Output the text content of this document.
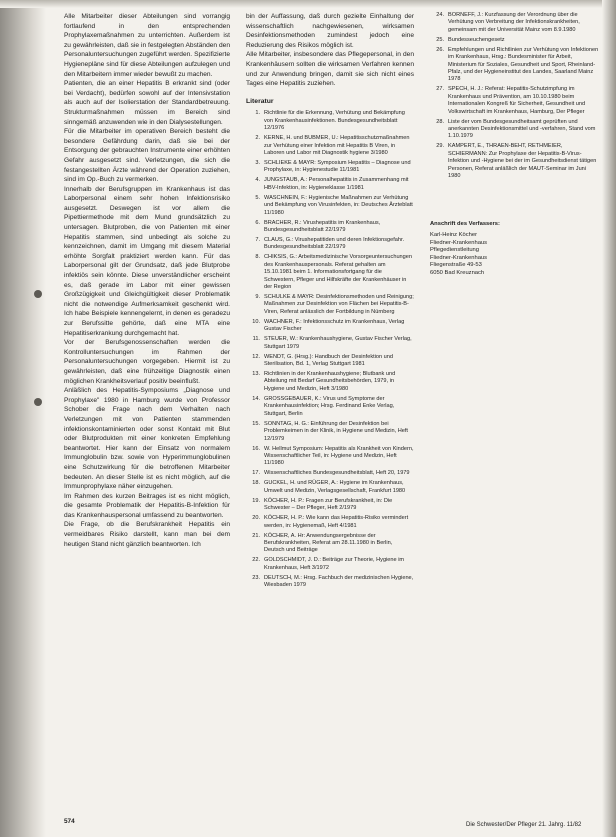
Alle Mitarbeiter dieser Abteilungen sind vorrangig fortlaufend in den entsprechenden Prophylaxemaßnahmen zu unterrichten. Außerdem ist zu gewährleisten, daß sie in festgelegten Abständen den Personaluntersuchungen zugeführt werden. Spezifizierte Hygienepläne sind für diese Abteilungen aufzulegen und den Mitarbeitern immer wieder bewußt zu machen.

Patienten, die an einer Hepatitis B erkrankt sind (oder bei Verdacht), bedürfen sowohl auf der Intensivstation als auch auf der Isolierstation der Standardbetreuung. Strukturmaßnahmen müssen im Bereich sind sinngemäß anzuwenden wie in den Dialysestellungen.

Für die Mitarbeiter im operativen Bereich besteht die besondere Gefährdung darin, daß sie bei der Entsorgung der gebrauchten Instrumente einer erhöhten Gefahr ausgesetzt sind. Verletzungen, die sich die festangestellten Ärzte während der Operation zuziehen, sind im Op.-Buch zu vermerken.

Innerhalb der Berufsgruppen im Krankenhaus ist das Laborpersonal einem sehr hohen Infektionsrisiko ausgesetzt. Deswegen ist vor allem die Pipettiermethode mit dem Mund grundsätzlich zu untersagen. Blutproben, die von Patienten mit einer Hepatitis stammen, sind unbedingt als solche zu kennzeichnen, damit im Umgang mit diesem Material erhöhte Sorgfalt praktiziert werden kann. Für das Laborpersonal gilt der Grundsatz, daß jede Blutprobe infektiös sein könnte. Diese unverständlicher erscheint es, daß gerade im Labor mit einer gewissen Großzügigkeit und Gleichgültigkeit dieser Problematik nicht die notwendige Aufmerksamkeit geschenkt wird. Ich habe Beispiele kennengelernt, in denen es geradezu zur Berufssitte gehörte, daß eine MTA eine Hepatitiserkrankung durchgemacht hat.

Vor der Berufsgenossenschaften werden die Kontrolluntersuchungen im Rahmen der Personaluntersuchungen vorgegeben. Hiermit ist zu gewährleisten, daß eine frühzeitige Diagnostik einen möglichen Krankheitsverlauf positiv beeinflußt.

Anläßlich des Hepatitis-Symposiums „Diagnose und Prophylaxe" 1980 in Hamburg wurde von Professor Schober die Frage nach dem Verhalten nach Verletzungen mit von Patienten stammenden infektionskontaminierten oder sonst Kontakt mit Blut oder Blutprodukten mit einer konkreten Empfehlung beantwortet. Hier kann der Einsatz von normalem Immunglobulin bzw. sowie von Hyperimmunglobulinen eine Schutzwirkung für die betroffenen Mitarbeiter bedeuten. An dieser Stelle ist es nicht möglich, auf die Immunprophylaxe näher einzugehen.

Im Rahmen des kurzen Beitrages ist es nicht möglich, die gesamte Problematik der Hepatitis-B-Infektion für das Krankenhauspersonal umfassend zu beantworten.

Die Frage, ob die Berufskrankheit Hepatitis ein vermeidbares Risiko darstellt, kann man bei dem heutigen Stand nicht gänzlich beantworten. Ich

bin der Auffassung, daß durch gezielte Einhaltung der wissenschaftlich nachgewiesenen, wirksamen Desinfektionsmethoden zumindest jedoch eine Reduzierung des Risikos möglich ist.

Alle Mitarbeiter, insbesondere das Pflegepersonal, in den Krankenhäusern sollten die wirksamen Verfahren kennen und zur Anwendung bringen, damit sie sich nicht eines Tages eine Hepatitis zuziehen.

Literatur
1. Richtlinie für die Erkennung, Verhütung und Bekämpfung von Krankenhausinfektionen. Bundesgesundheitsblatt 12/1976
2. KERNE, H. und BUBMER, U.: Hepatitisschutzmaßnahmen zur Verhütung einer Infektion mit Hepatitis B Viren, in Laboren und Labor mit Diagnostik hygiene 3/1980
3. SCHLIEKE & MAYR: Symposium Hepatitis – Diagnose und Prophylaxe, in: Hygienestudie 11/1981
4. JUNGSTAUB, A.: Personalhepatitis in Zusammenhang mit HBV-Infektion, in: Hygieneklasse 1/1981
5. WASCHNEIN, F.: Hygienische Maßnahmen zur Verhütung und Bekämpfung von Virusinfekten, in: Deutsches Ärzteblatt 11/1980
6. BRACHER, R.: Virushepatitis im Krankenhaus, Bundesgesundheitsblatt 22/1979
7. CLAUS, G.: Virushepatitiden und deren Infektionsgefahr. Bundesgesundheitsblatt 22/1979
8. CHIKSIS, G.: Arbeitsmedizinische Vorsorgeuntersuchungen des Krankenhauspersonals. Referat gehalten am 15.10.1981 beim 1. Informationsfortgang für die Schwestern, Pfleger und Hilfskräfte der Krankenhäuser in der Region
9. SCHULKE & MAYR: Desinfektionsmethoden und Reinigung; Maßnahmen zur Desinfektion von Flächen bei Hepatitis-B-Viren, Referat anlässlich der Fortbildung in Nürnberg
10. WACHNER, F.: Infektionsschutz im Krankenhaus, Verlag Gustav Fischer
11. STEUER, W.: Krankenhaushygiene, Gustav Fischer Verlag, Stuttgart 1979
12. WENDT, G. (Hrsg.): Handbuch der Desinfektion und Sterilisation, Bd. 1, Verlag Stuttgart 1981
13. Richtlinien in der Krankenhaushygiene; Blutbank und Abteilung mit Bedarf Gesundheitsbehörden, 1979, in Hygiene und Medizin, Heft 3/1980
14. GROSSGEBAUER, K.: Virus und Symptome der Krankenhausinfektion; Hrsg. Ferdinand Enke Verlag, Stuttgart, Berlin
15. SONNTAG, H. G.: Einführung der Desinfektion bei Problemkeimen in der Klinik, in Hygiene und Medizin, Heft 12/1979
16. W. Hellmut Symposium: Hepatitis als Krankheit von Kindern, Wissenschaftlicher Teil, in: Hygiene und Medizin, Heft 11/1980
17. Wissenschaftliches Bundesgesundheitsblatt, Heft 20, 1979
18. GUCKEL, H. und RÜGER, A.: Hygiene im Krankenhaus, Umwelt und Medizin, Verlagsgesellschaft, Frankfurt 1980
19. KÖCHER, H. P.: Fragen zur Berufskrankheit, in: Die Schwester – Der Pfleger, Heft 2/1979
20. KÖCHER, H. P.: Wie kann das Hepatitis-Risiko vermindert werden, in: Hygienemaß, Heft 4/1981
21. KÖCHER, A. Hr: Anwendungsergebnisse der Berufskrankheiten, Referat am 28.11.1980 in Berlin, Deutsch und Beiträge
22. GOLDSCHMIDT, J. D.: Beiträge zur Theorie, Hygiene im Krankenhaus, Heft 3/1972
23. DEUTSCH, M.: Hrsg. Fachbuch der medizinischen Hygiene, Wiesbaden 1979
24. BORNEFF, J.: Kurzfassung der Verordnung über die Verhütung von Verbreitung der Infektionskrankheiten, gemeinsam mit der Universität Mainz vom 8.9.1980
25. Bundesseuchengesetz
26. Empfehlungen und Richtlinien zur Verhütung von Infektionen im Krankenhaus, Hrsg.: Bundesminister für Arbeit, Ministerium für Soziales, Gesundheit und Sport, Rheinland-Pfalz, und der Hygieneinstitut des Landes, Saarland Mainz 1978
27. SPECH, H. J.: Referat: Hepatitis-Schutzimpfung im Krankenhaus und Prävention, am 10.10.1980 beim Internationalen Kongreß für Sicherheit, Gesundheit und Volkswirtschaft im Krankenhaus, Hamburg, Der Pfleger
28. Liste der vom Bundesgesundheitsamt geprüften und anerkannten Desinfektionsmittel und -verfahren, Stand vom 1.10.1979
29. KAMPERT, E., THRAEN-BEHT, RETHMEIER, SCHIERMANN: Zur Prophylaxe der Hepatitis-B-Virus-Infektion und -Hygiene bei der im Gesundheitsdienst tätigen Personen, Referat anläßlich der MAUT-Seminar im Juni 1980
Anschrift des Verfassers:
Karl-Heinz Köcher
Fliedner-Krankenhaus
Pflegedienstleitung
Fliedner-Krankenhaus
Fliegenstraße 49-53
6050 Bad Kreuznach
574	Die Schwester/Der Pfleger 21. Jahrg. 11/82
